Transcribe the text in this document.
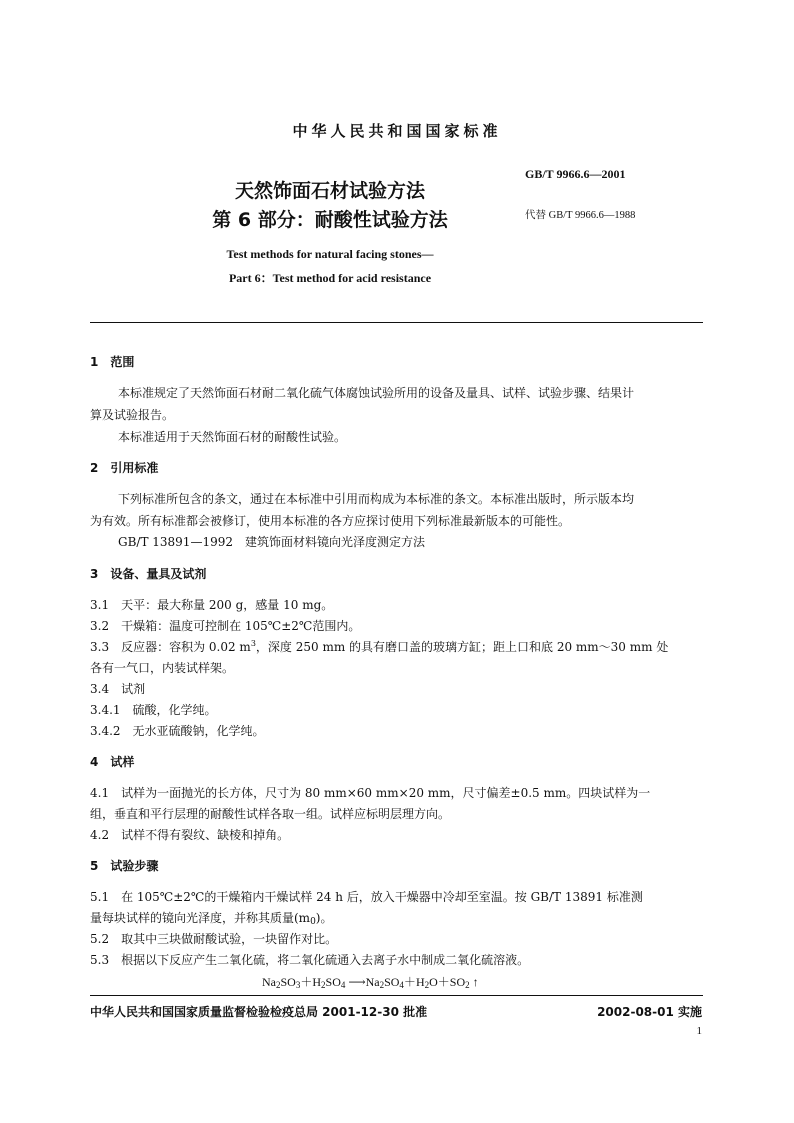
中华人民共和国国家标准
天然饰面石材试验方法
第 6 部分：耐酸性试验方法
GB/T 9966.6—2001
代替 GB/T 9966.6—1988
Test methods for natural facing stones—
Part 6：Test method for acid resistance
1　范围
本标准规定了天然饰面石材耐二氧化硫气体腐蚀试验所用的设备及量具、试样、试验步骤、结果计
算及试验报告。
本标准适用于天然饰面石材的耐酸性试验。
2　引用标准
下列标准所包含的条文，通过在本标准中引用而构成为本标准的条文。本标准出版时，所示版本均
为有效。所有标准都会被修订，使用本标准的各方应探讨使用下列标准最新版本的可能性。
GB/T 13891—1992　建筑饰面材料镜向光泽度测定方法
3　设备、量具及试剂
3.1　天平：最大称量 200 g，感量 10 mg。
3.2　干燥箱：温度可控制在 105℃±2℃范围内。
3.3　反应器：容积为 0.02 $m^3$，深度 250 mm 的具有磨口盖的玻璃方缸；距上口和底 20 mm～30 mm 处
各有一气口，内装试样架。
3.4　试剂
3.4.1　硫酸，化学纯。
3.4.2　无水亚硫酸钠，化学纯。
4　试样
4.1　试样为一面抛光的长方体，尺寸为 80 mm×60 mm×20 mm，尺寸偏差±0.5 mm。四块试样为一
组，垂直和平行层理的耐酸性试样各取一组。试样应标明层理方向。
4.2　试样不得有裂纹、缺棱和掉角。
5　试验步骤
5.1　在 105℃±2℃的干燥箱内干燥试样 24 h 后，放入干燥器中冷却至室温。按 GB/T 13891 标准测
量每块试样的镜向光泽度，并称其质量$(m_0)$。
5.2　取其中三块做耐酸试验，一块留作对比。
5.3　根据以下反应产生二氧化硫，将二氧化硫通入去离子水中制成二氧化硫溶液。
$Na_2SO_3+H_2SO_4$ $⟶Na_2SO_4+H_2O+SO_2$ ↑
中华人民共和国国家质量监督检验检疫总局 2001-12-30 批准	2002-08-01 实施
1
